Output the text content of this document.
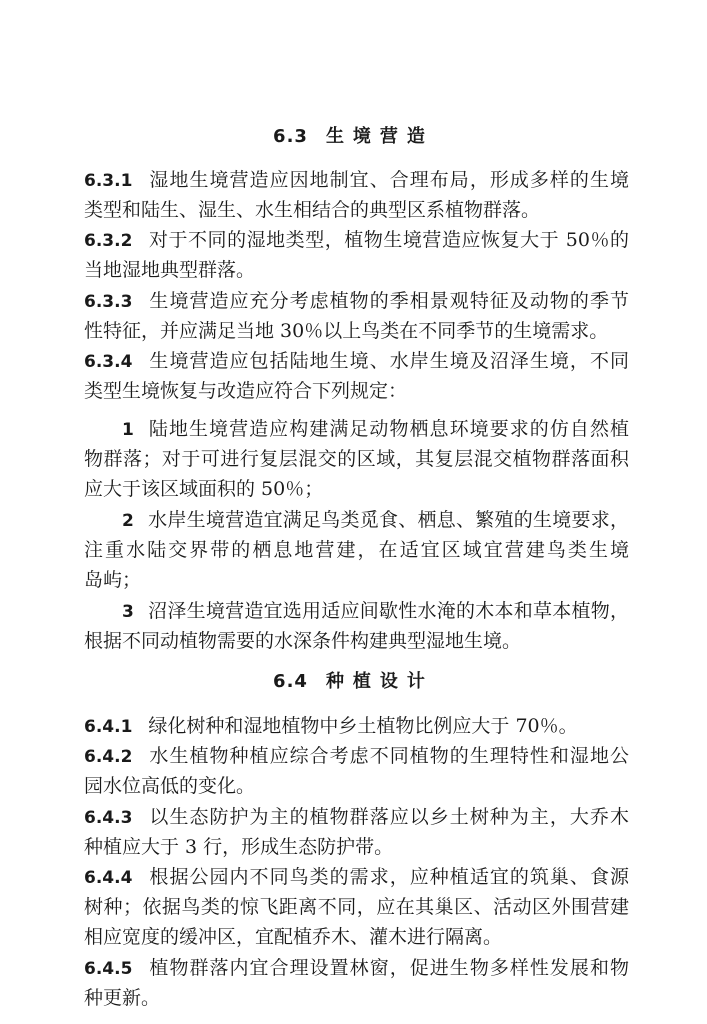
6.3 生境营造
6.3.1 湿地生境营造应因地制宜、合理布局，形成多样的生境
类型和陆生、湿生、水生相结合的典型区系植物群落。
6.3.2 对于不同的湿地类型，植物生境营造应恢复大于 50％的
当地湿地典型群落。
6.3.3 生境营造应充分考虑植物的季相景观特征及动物的季节
性特征，并应满足当地 30％以上鸟类在不同季节的生境需求。
6.3.4 生境营造应包括陆地生境、水岸生境及沼泽生境，不同
类型生境恢复与改造应符合下列规定：
1 陆地生境营造应构建满足动物栖息环境要求的仿自然植
物群落；对于可进行复层混交的区域，其复层混交植物群落面积
应大于该区域面积的 50％；
2 水岸生境营造宜满足鸟类觅食、栖息、繁殖的生境要求，
注重水陆交界带的栖息地营建，在适宜区域宜营建鸟类生境
岛屿；
3 沼泽生境营造宜选用适应间歇性水淹的木本和草本植物，
根据不同动植物需要的水深条件构建典型湿地生境。
6.4 种植设计
6.4.1 绿化树种和湿地植物中乡土植物比例应大于 70％。
6.4.2 水生植物种植应综合考虑不同植物的生理特性和湿地公
园水位高低的变化。
6.4.3 以生态防护为主的植物群落应以乡土树种为主，大乔木
种植应大于 3 行，形成生态防护带。
6.4.4 根据公园内不同鸟类的需求，应种植适宜的筑巢、食源
树种；依据鸟类的惊飞距离不同，应在其巢区、活动区外围营建
相应宽度的缓冲区，宜配植乔木、灌木进行隔离。
6.4.5 植物群落内宜合理设置林窗，促进生物多样性发展和物
种更新。
